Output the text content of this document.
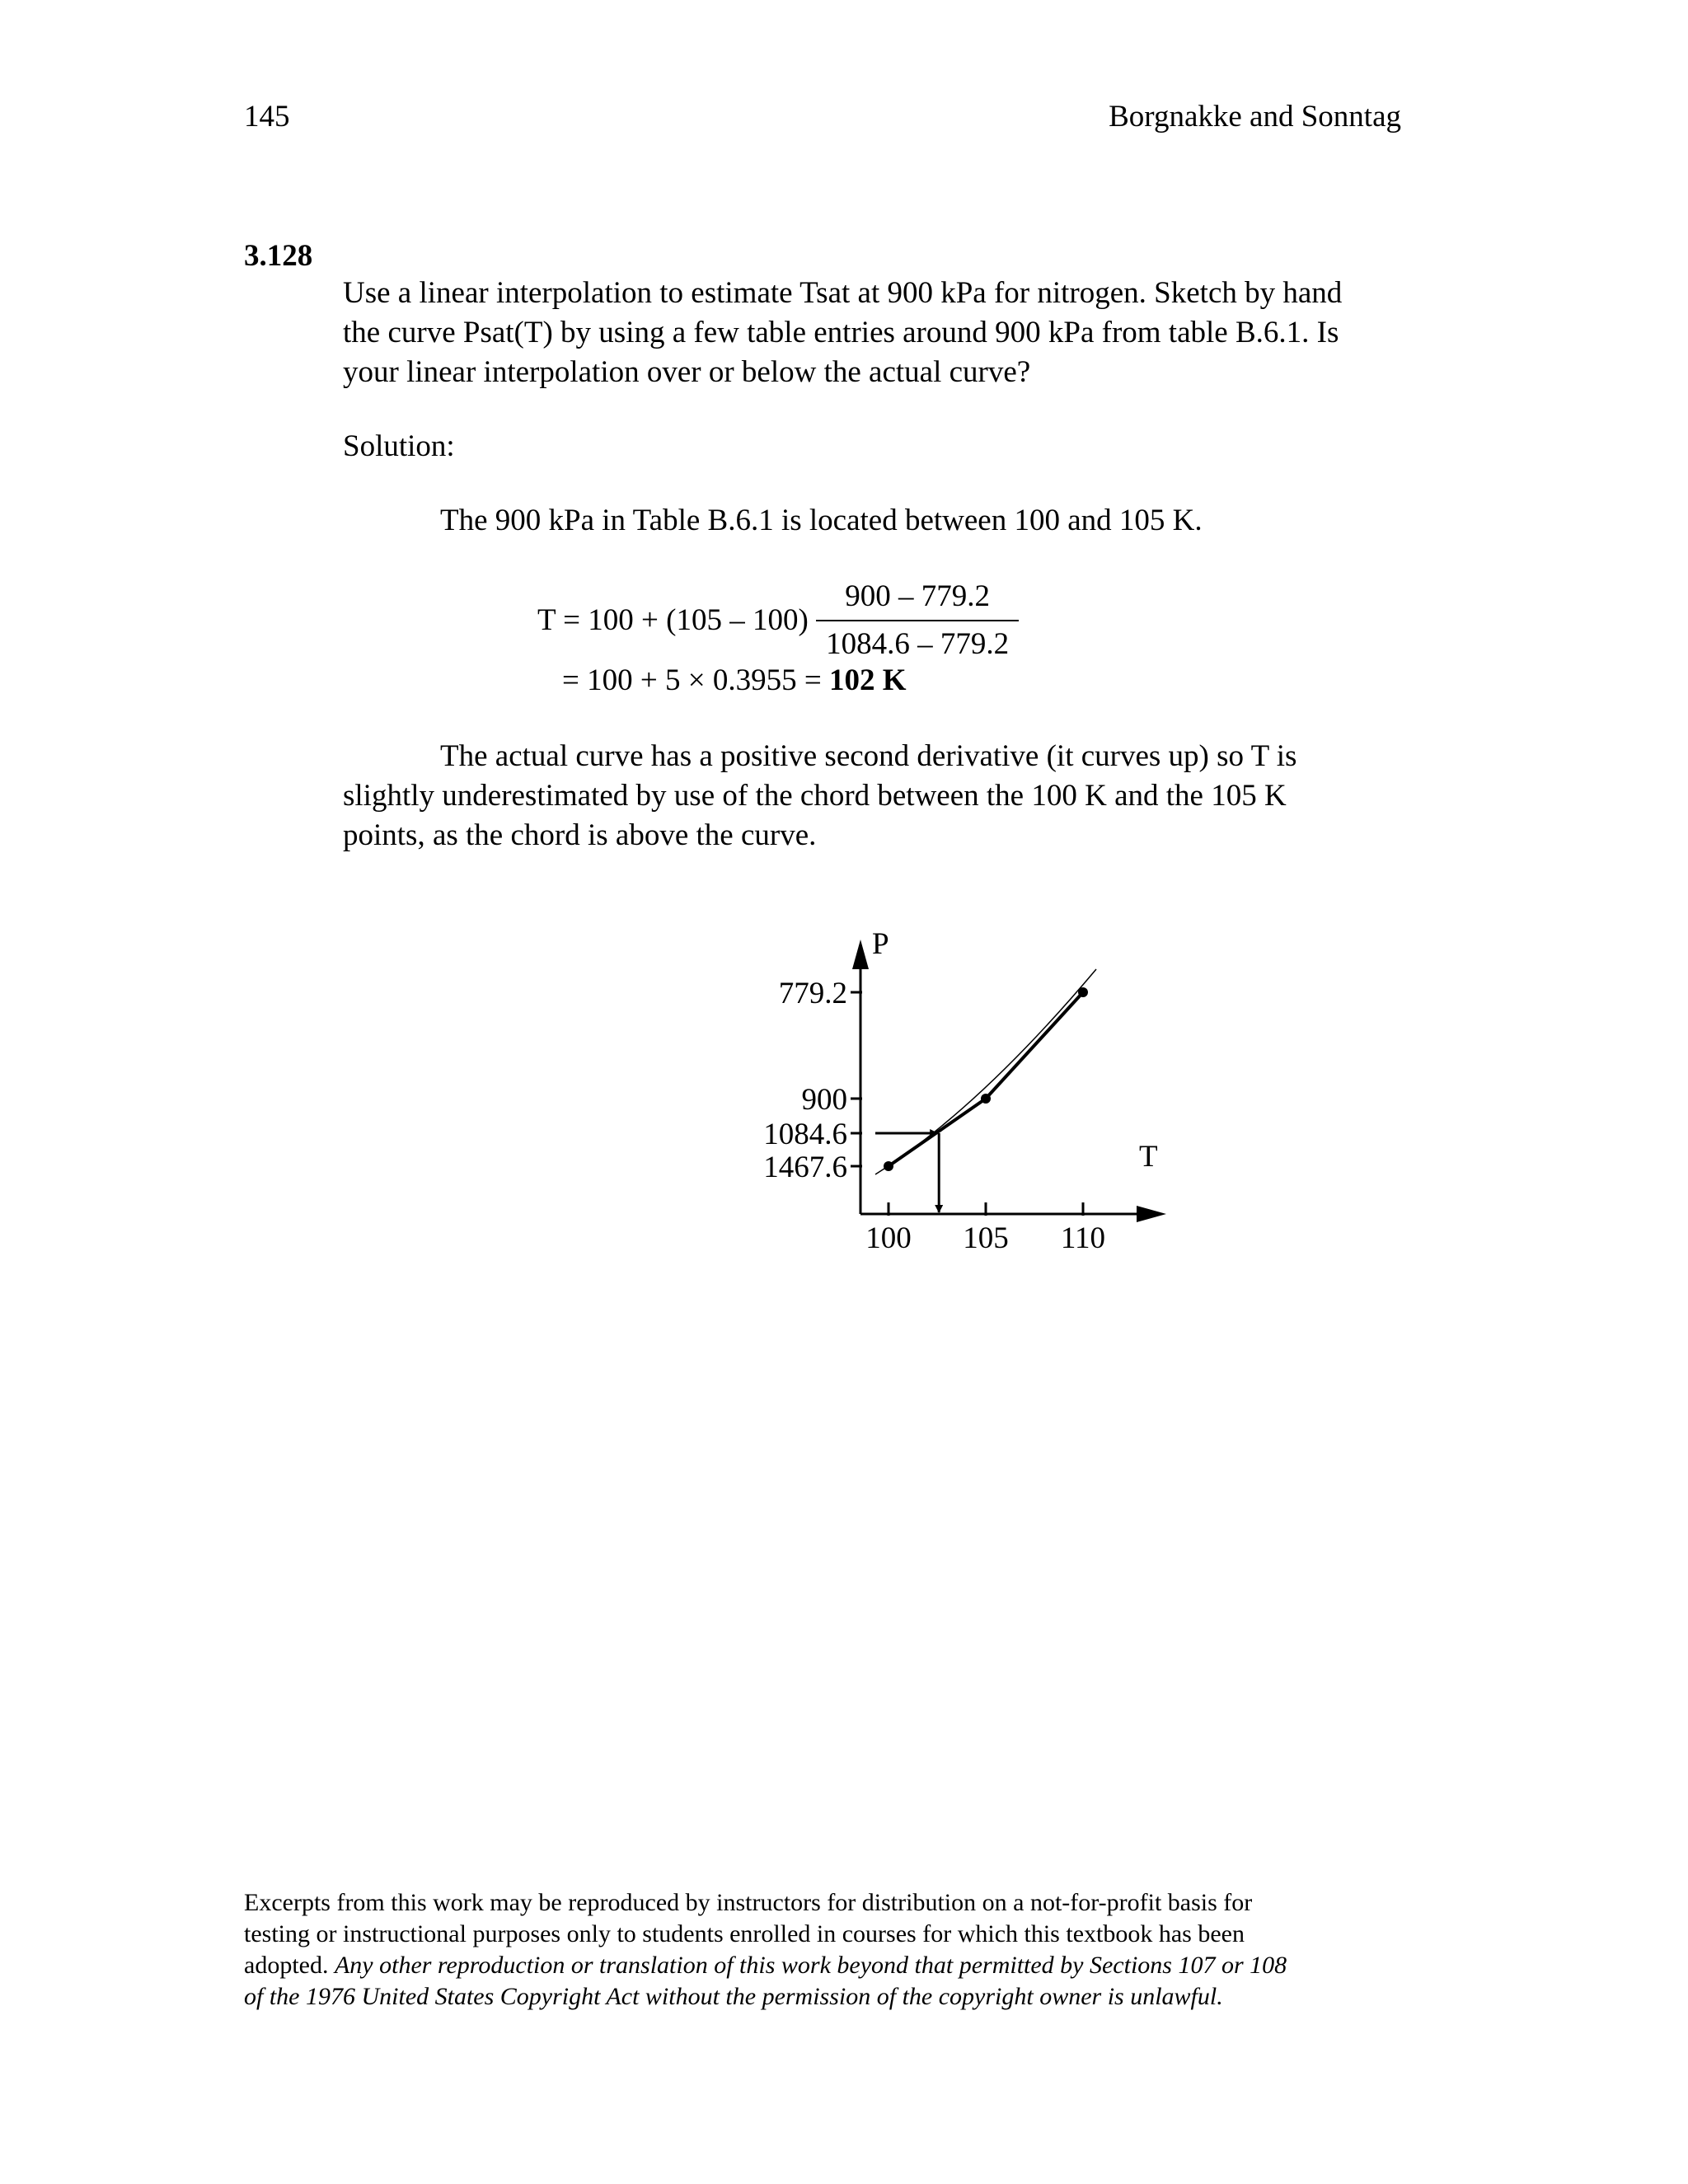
145	Borgnakke and Sonntag
3.128
Use a linear interpolation to estimate Tsat at 900 kPa for nitrogen. Sketch by hand
the curve Psat(T) by using a few table entries around 900 kPa from table B.6.1. Is
your linear interpolation over or below the actual curve?
Solution:
The 900 kPa in Table B.6.1 is located between 100 and 105 K.
$T = 100 + (105 - 100) \frac{900 - 779.2}{1084.6 - 779.2}$
= 100 + 5 × 0.3955 = 102 K
The actual curve has a positive second derivative (it curves up) so T is
slightly underestimated by use of the chord between the 100 K and the 105 K
points, as the chord is above the curve.
P
T
1467.6
1084.6
900
779.2
100 105 110
Excerpts from this work may be reproduced by instructors for distribution on a not-for-profit basis for
testing or instructional purposes only to students enrolled in courses for which this textbook has been
adopted. Any other reproduction or translation of this work beyond that permitted by Sections 107 or 108
of the 1976 United States Copyright Act without the permission of the copyright owner is unlawful.
